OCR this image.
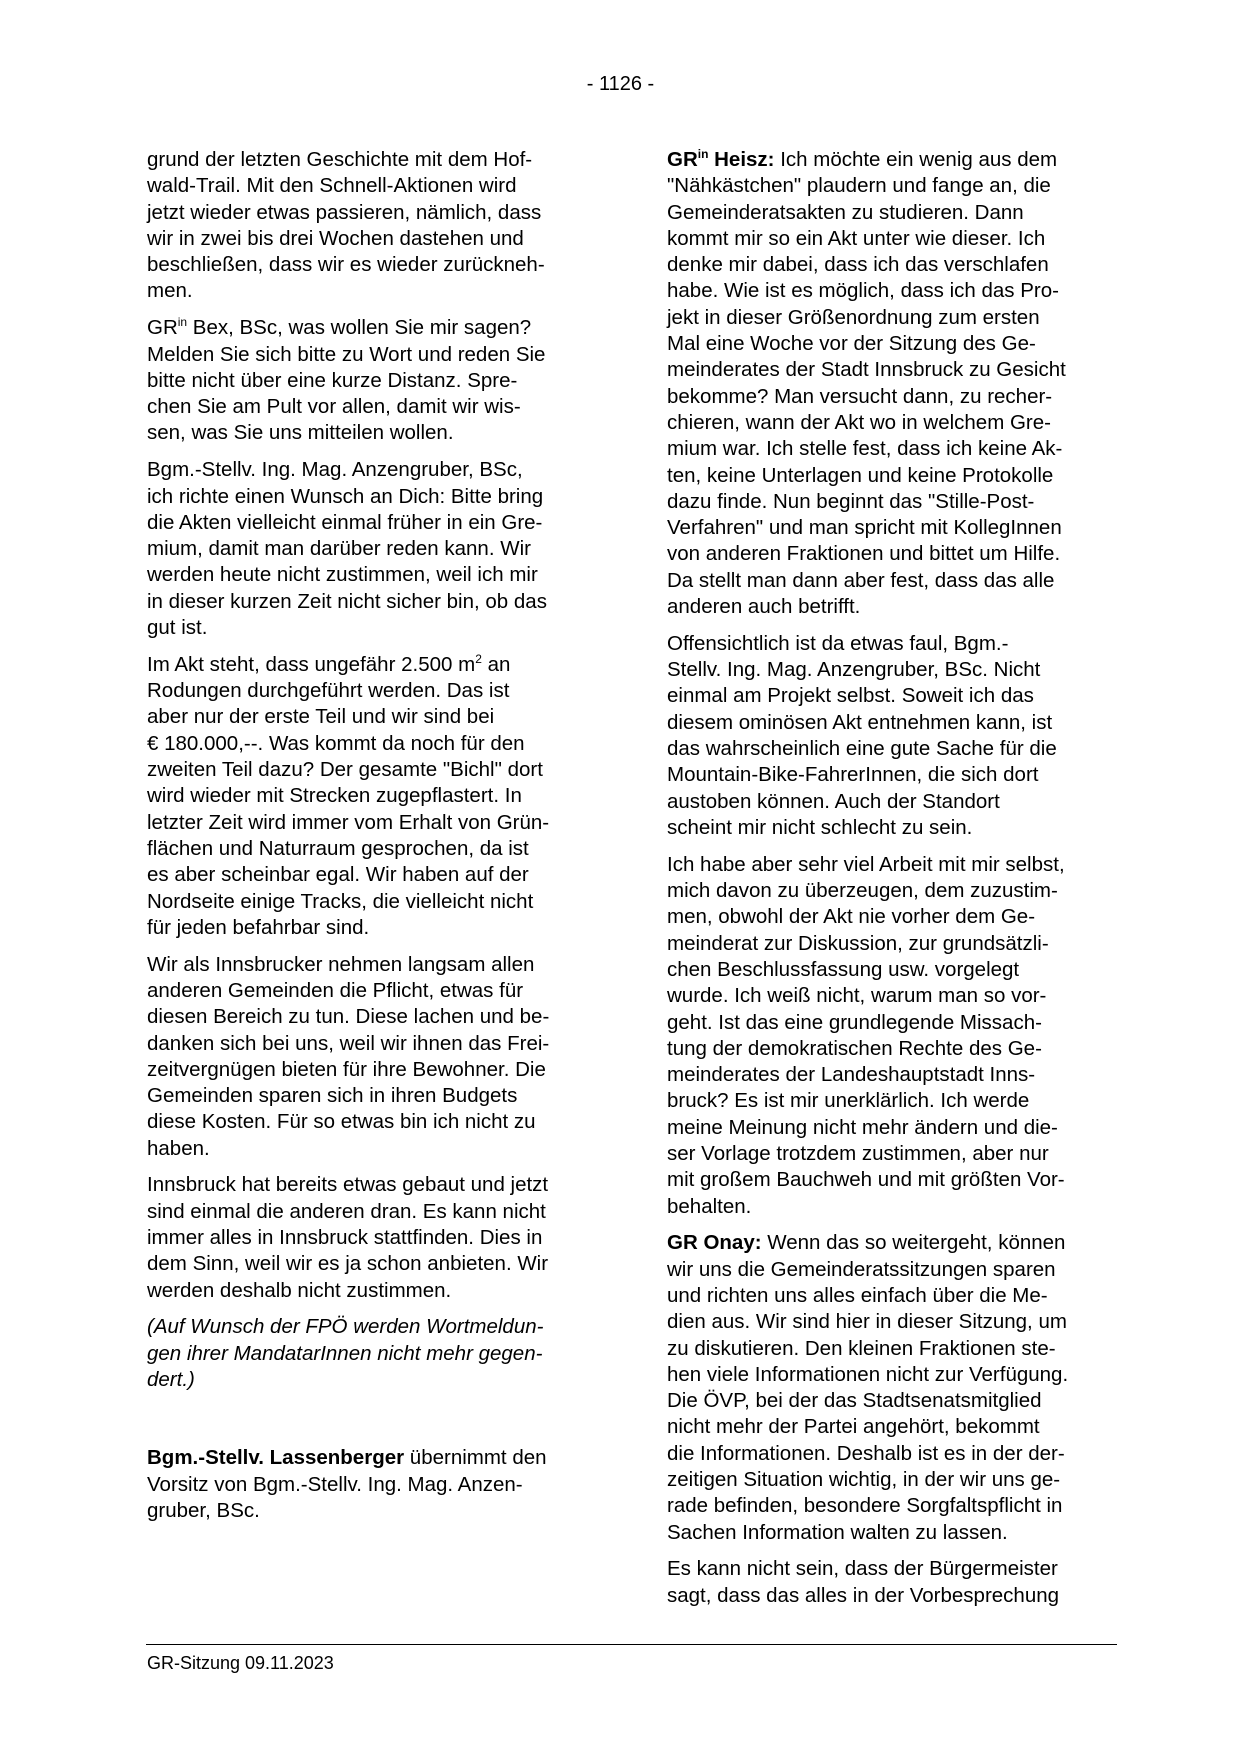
- 1126 -

grund der letzten Geschichte mit dem Hof-
wald-Trail. Mit den Schnell-Aktionen wird
jetzt wieder etwas passieren, nämlich, dass
wir in zwei bis drei Wochen dastehen und
beschließen, dass wir es wieder zurückneh-
men.

$GR^{in}$ Bex, BSc, was wollen Sie mir sagen?
Melden Sie sich bitte zu Wort und reden Sie
bitte nicht über eine kurze Distanz. Spre-
chen Sie am Pult vor allen, damit wir wis-
sen, was Sie uns mitteilen wollen.

Bgm.-Stellv. Ing. Mag. Anzengruber, BSc,
ich richte einen Wunsch an Dich: Bitte bring
die Akten vielleicht einmal früher in ein Gre-
mium, damit man darüber reden kann. Wir
werden heute nicht zustimmen, weil ich mir
in dieser kurzen Zeit nicht sicher bin, ob das
gut ist.

Im Akt steht, dass ungefähr 2.500 $m^2$ an
Rodungen durchgeführt werden. Das ist
aber nur der erste Teil und wir sind bei
€ 180.000,--. Was kommt da noch für den
zweiten Teil dazu? Der gesamte "Bichl" dort
wird wieder mit Strecken zugepflastert. In
letzter Zeit wird immer vom Erhalt von Grün-
flächen und Naturraum gesprochen, da ist
es aber scheinbar egal. Wir haben auf der
Nordseite einige Tracks, die vielleicht nicht
für jeden befahrbar sind.

Wir als Innsbrucker nehmen langsam allen
anderen Gemeinden die Pflicht, etwas für
diesen Bereich zu tun. Diese lachen und be-
danken sich bei uns, weil wir ihnen das Frei-
zeitvergnügen bieten für ihre Bewohner. Die
Gemeinden sparen sich in ihren Budgets
diese Kosten. Für so etwas bin ich nicht zu
haben.

Innsbruck hat bereits etwas gebaut und jetzt
sind einmal die anderen dran. Es kann nicht
immer alles in Innsbruck stattfinden. Dies in
dem Sinn, weil wir es ja schon anbieten. Wir
werden deshalb nicht zustimmen.

(Auf Wunsch der FPÖ werden Wortmeldun-
gen ihrer MandatarInnen nicht mehr gegen-
dert.)

Bgm.-Stellv. Lassenberger übernimmt den
Vorsitz von Bgm.-Stellv. Ing. Mag. Anzen-
gruber, BSc.

$GR^{in}$ Heisz: Ich möchte ein wenig aus dem
"Nähkästchen" plaudern und fange an, die
Gemeinderatsakten zu studieren. Dann
kommt mir so ein Akt unter wie dieser. Ich
denke mir dabei, dass ich das verschlafen
habe. Wie ist es möglich, dass ich das Pro-
jekt in dieser Größenordnung zum ersten
Mal eine Woche vor der Sitzung des Ge-
meinderates der Stadt Innsbruck zu Gesicht
bekomme? Man versucht dann, zu recher-
chieren, wann der Akt wo in welchem Gre-
mium war. Ich stelle fest, dass ich keine Ak-
ten, keine Unterlagen und keine Protokolle
dazu finde. Nun beginnt das "Stille-Post-
Verfahren" und man spricht mit KollegInnen
von anderen Fraktionen und bittet um Hilfe.
Da stellt man dann aber fest, dass das alle
anderen auch betrifft.

Offensichtlich ist da etwas faul, Bgm.-
Stellv. Ing. Mag. Anzengruber, BSc. Nicht
einmal am Projekt selbst. Soweit ich das
diesem ominösen Akt entnehmen kann, ist
das wahrscheinlich eine gute Sache für die
Mountain-Bike-FahrerInnen, die sich dort
austoben können. Auch der Standort
scheint mir nicht schlecht zu sein.

Ich habe aber sehr viel Arbeit mit mir selbst,
mich davon zu überzeugen, dem zuzustim-
men, obwohl der Akt nie vorher dem Ge-
meinderat zur Diskussion, zur grundsätzli-
chen Beschlussfassung usw. vorgelegt
wurde. Ich weiß nicht, warum man so vor-
geht. Ist das eine grundlegende Missach-
tung der demokratischen Rechte des Ge-
meinderates der Landeshauptstadt Inns-
bruck? Es ist mir unerklärlich. Ich werde
meine Meinung nicht mehr ändern und die-
ser Vorlage trotzdem zustimmen, aber nur
mit großem Bauchweh und mit größten Vor-
behalten.

GR Onay: Wenn das so weitergeht, können
wir uns die Gemeinderatssitzungen sparen
und richten uns alles einfach über die Me-
dien aus. Wir sind hier in dieser Sitzung, um
zu diskutieren. Den kleinen Fraktionen ste-
hen viele Informationen nicht zur Verfügung.
Die ÖVP, bei der das Stadtsenatsmitglied
nicht mehr der Partei angehört, bekommt
die Informationen. Deshalb ist es in der der-
zeitigen Situation wichtig, in der wir uns ge-
rade befinden, besondere Sorgfaltspflicht in
Sachen Information walten zu lassen.

Es kann nicht sein, dass der Bürgermeister
sagt, dass das alles in der Vorbesprechung

GR-Sitzung 09.11.2023
